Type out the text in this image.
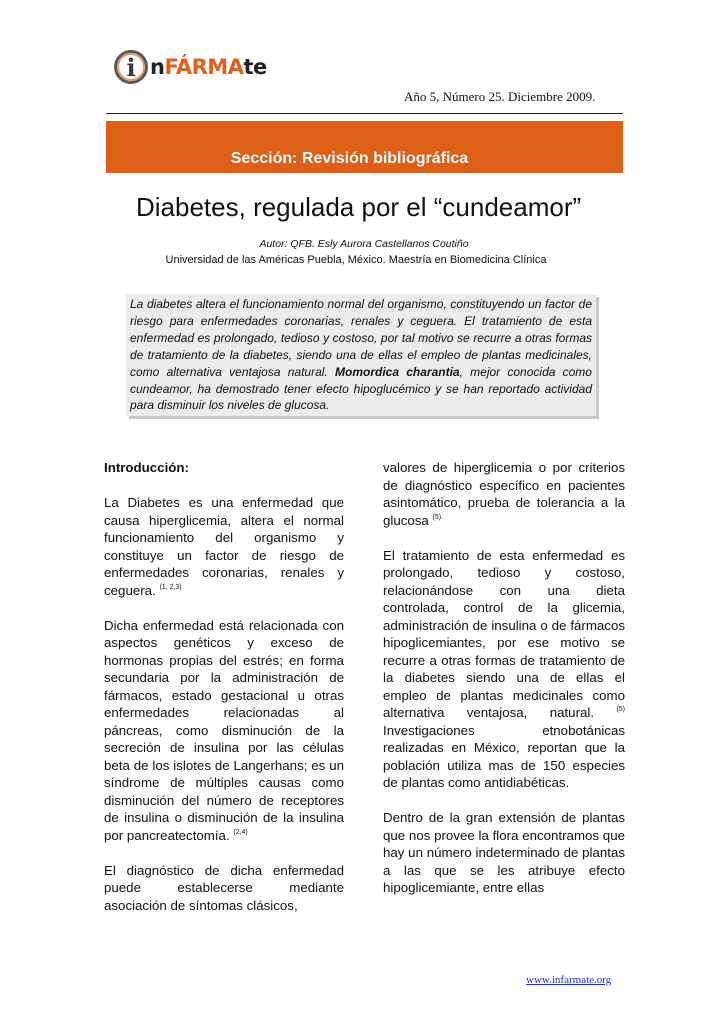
i nFÁRMAte
Año 5, Número 25. Diciembre 2009.
Sección: Revisión bibliográfica
Diabetes, regulada por el “cundeamor”
Autor: QFB. Esly Aurora Castellanos Coutiño
Universidad de las Américas Puebla, México. Maestría en Biomedicina Clínica
La diabetes altera el funcionamiento normal del organismo, constituyendo un factor de riesgo para enfermedades coronarias, renales y ceguera. El tratamiento de esta enfermedad es prolongado, tedioso y costoso, por tal motivo se recurre a otras formas de tratamiento de la diabetes, siendo una de ellas el empleo de plantas medicinales, como alternativa ventajosa natural. Momordica charantia, mejor conocida como cundeamor, ha demostrado tener efecto hipoglucémico y se han reportado actividad para disminuir los niveles de glucosa.
Introducción:

La Diabetes es una enfermedad que causa hiperglicemia, altera el normal funcionamiento del organismo y constituye un factor de riesgo de enfermedades coronarias, renales y ceguera. $^{(1, 2,3)}$

Dicha enfermedad está relacionada con aspectos genéticos y exceso de hormonas propias del estrés; en forma secundaria por la administración de fármacos, estado gestacional u otras enfermedades relacionadas al páncreas, como disminución de la secreción de insulina por las células beta de los islotes de Langerhans; es un síndrome de múltiples causas como disminución del número de receptores de insulina o disminución de la insulina por pancreatectomía. $^{(2,4)}$

El diagnóstico de dicha enfermedad puede establecerse mediante asociación de síntomas clásicos,

valores de hiperglicemia o por criterios de diagnóstico específico en pacientes asintomático, prueba de tolerancia a la glucosa $^{(5).}$

El tratamiento de esta enfermedad es prolongado, tedioso y costoso, relacionándose con una dieta controlada, control de la glicemia, administración de insulina o de fármacos hipoglicemiantes, por ese motivo se recurre a otras formas de tratamiento de la diabetes siendo una de ellas el empleo de plantas medicinales como alternativa ventajosa, natural.	$^{(5)}$ Investigaciones etnobotánicas realizadas en México, reportan que la población utiliza mas de 150 especies de plantas como antidiabéticas.

Dentro de la gran extensión de plantas que nos provee la flora encontramos que hay un número indeterminado de plantas a las que se les atribuye efecto hipoglicemiante, entre ellas

www.infarmate.org
